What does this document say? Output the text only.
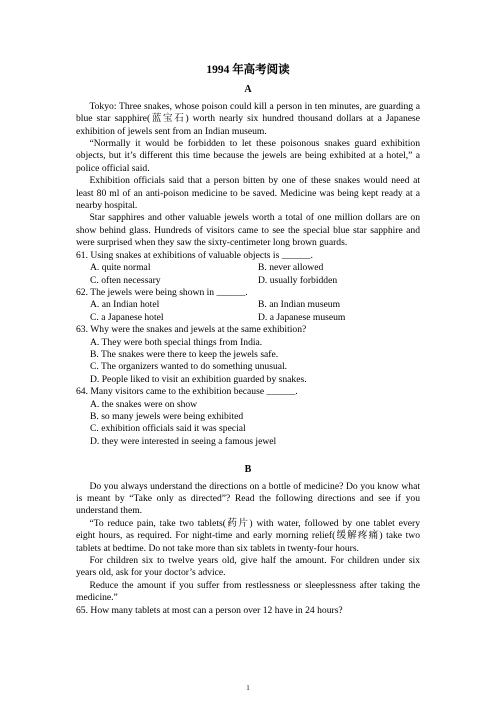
1994 年高考阅读
A

Tokyo: Three snakes, whose poison could kill a person in ten minutes, are guarding a blue star sapphire(蓝宝石) worth nearly six hundred thousand dollars at a Japanese exhibition of jewels sent from an Indian museum.

“Normally it would be forbidden to let these poisonous snakes guard exhibition objects, but it’s different this time because the jewels are being exhibited at a hotel,” a police official said.

Exhibition officials said that a person bitten by one of these snakes would need at least 80 ml of an anti-poison medicine to be saved. Medicine was being kept ready at a nearby hospital.

Star sapphires and other valuable jewels worth a total of one million dollars are on show behind glass. Hundreds of visitors came to see the special blue star sapphire and were surprised when they saw the sixty-centimeter long brown guards.

61. Using snakes at exhibitions of valuable objects is ______.

A. quite normal	B. never allowed
C. often necessary	D. usually forbidden

62. The jewels were being shown in ______.

A. an Indian hotel	B. an Indian museum
C. a Japanese hotel	D. a Japanese museum

63. Why were the snakes and jewels at the same exhibition?

A. They were both special things from India.

B. The snakes were there to keep the jewels safe.

C. The organizers wanted to do something unusual.

D. People liked to visit an exhibition guarded by snakes.

64. Many visitors came to the exhibition because ______.

A. the snakes were on show

B. so many jewels were being exhibited

C. exhibition officials said it was special

D. they were interested in seeing a famous jewel

B

Do you always understand the directions on a bottle of medicine? Do you know what is meant by “Take only as directed”? Read the following directions and see if you understand them.

“To reduce pain, take two tablets(药片) with water, followed by one tablet every eight hours, as required. For night-time and early morning relief(缓解疼痛) take two tablets at bedtime. Do not take more than six tablets in twenty-four hours.

For children six to twelve years old, give half the amount. For children under six years old, ask for your doctor’s advice.

Reduce the amount if you suffer from restlessness or sleeplessness after taking the medicine.”

65. How many tablets at most can a person over 12 have in 24 hours?

1
